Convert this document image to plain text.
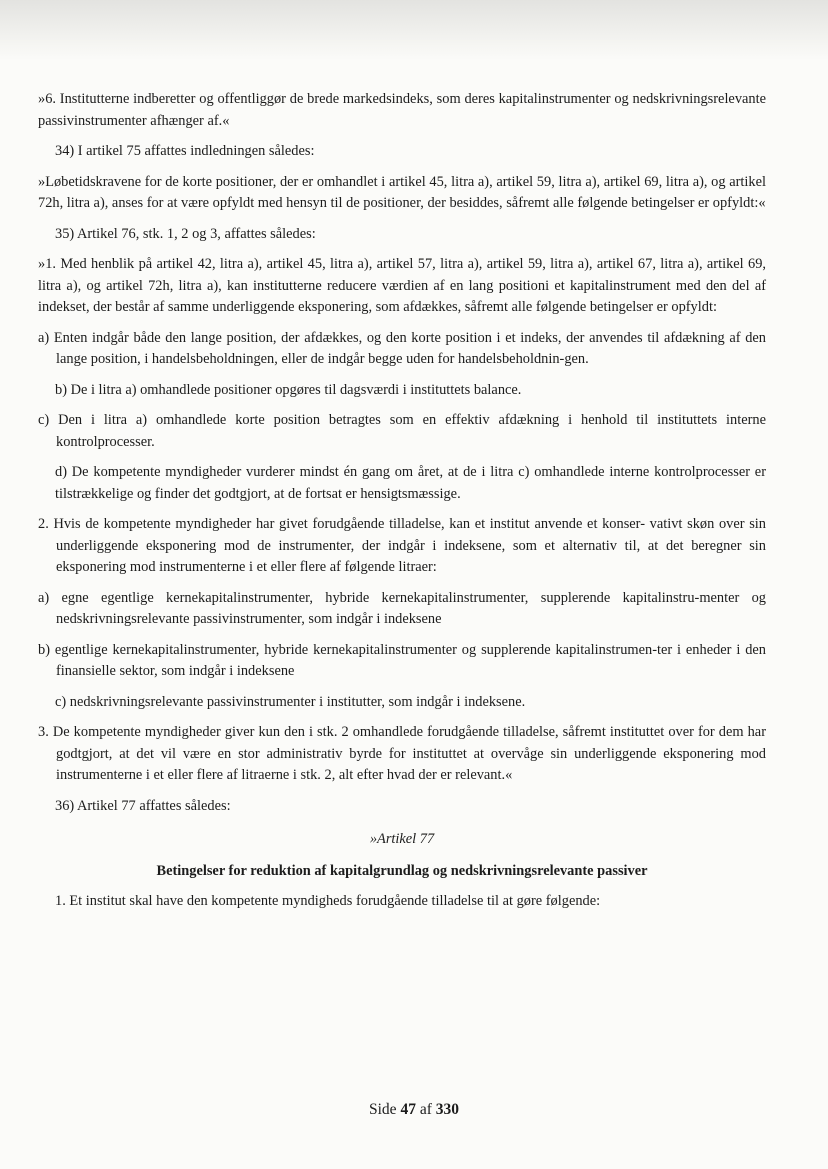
»6. Institutterne indberetter og offentliggør de brede markedsindeks, som deres kapitalinstrumenter og nedskrivningsrelevante passivinstrumenter afhænger af.«

34) I artikel 75 affattes indledningen således:

»Løbetidskravene for de korte positioner, der er omhandlet i artikel 45, litra a), artikel 59, litra a), artikel 69, litra a), og artikel 72h, litra a), anses for at være opfyldt med hensyn til de positioner, der besiddes, såfremt alle følgende betingelser er opfyldt:«

35) Artikel 76, stk. 1, 2 og 3, affattes således:

»1. Med henblik på artikel 42, litra a), artikel 45, litra a), artikel 57, litra a), artikel 59, litra a), artikel 67, litra a), artikel 69, litra a), og artikel 72h, litra a), kan institutterne reducere værdien af en lang positioni et kapitalinstrument med den del af indekset, der består af samme underliggende eksponering, som afdækkes, såfremt alle følgende betingelser er opfyldt:

a) Enten indgår både den lange position, der afdækkes, og den korte position i et indeks, der anvendes til afdækning af den lange position, i handelsbeholdningen, eller de indgår begge uden for handelsbeholdnin-gen.

b) De i litra a) omhandlede positioner opgøres til dagsværdi i instituttets balance.

c) Den i litra a) omhandlede korte position betragtes som en effektiv afdækning i henhold til instituttets interne kontrolprocesser.

d) De kompetente myndigheder vurderer mindst én gang om året, at de i litra c) omhandlede interne kontrolprocesser er tilstrækkelige og finder det godtgjort, at de fortsat er hensigtsmæssige.

2. Hvis de kompetente myndigheder har givet forudgående tilladelse, kan et institut anvende et konser- vativt skøn over sin underliggende eksponering mod de instrumenter, der indgår i indeksene, som et alternativ til, at det beregner sin eksponering mod instrumenterne i et eller flere af følgende litraer:

a) egne egentlige kernekapitalinstrumenter, hybride kernekapitalinstrumenter, supplerende kapitalinstru-menter og nedskrivningsrelevante passivinstrumenter, som indgår i indeksene

b) egentlige kernekapitalinstrumenter, hybride kernekapitalinstrumenter og supplerende kapitalinstrumen-ter i enheder i den finansielle sektor, som indgår i indeksene

c) nedskrivningsrelevante passivinstrumenter i institutter, som indgår i indeksene.

3. De kompetente myndigheder giver kun den i stk. 2 omhandlede forudgående tilladelse, såfremt instituttet over for dem har godtgjort, at det vil være en stor administrativ byrde for instituttet at overvåge sin underliggende eksponering mod instrumenterne i et eller flere af litraerne i stk. 2, alt efter hvad der er relevant.«

36) Artikel 77 affattes således:

»Artikel 77

Betingelser for reduktion af kapitalgrundlag og nedskrivningsrelevante passiver

1. Et institut skal have den kompetente myndigheds forudgående tilladelse til at gøre følgende:

Side 47 af 330
